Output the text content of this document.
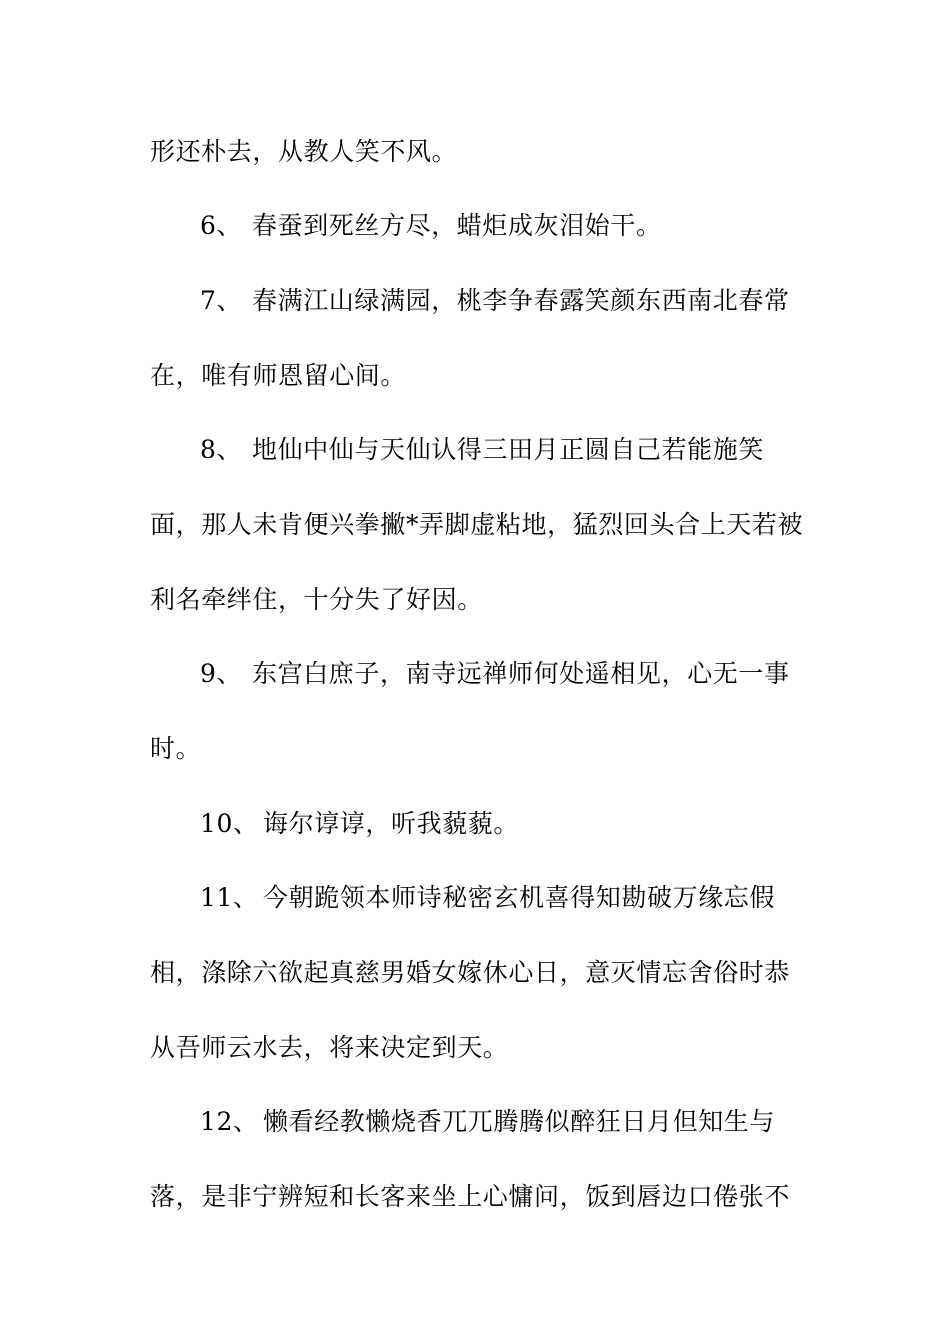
形还朴去，从教人笑不风。
6、 春蚕到死丝方尽，蜡炬成灰泪始干。
7、 春满江山绿满园，桃李争春露笑颜东西南北春常
在，唯有师恩留心间。
8、 地仙中仙与天仙认得三田月正圆自己若能施笑
面，那人未肯便兴拳撇*弄脚虚粘地，猛烈回头合上天若被
利名牵绊住，十分失了好因。
9、 东宫白庶子，南寺远禅师何处遥相见，心无一事
时。
10、 诲尔谆谆，听我藐藐。
11、 今朝跪领本师诗秘密玄机喜得知勘破万缘忘假
相，涤除六欲起真慈男婚女嫁休心日，意灭情忘舍俗时恭
从吾师云水去，将来决定到天。
12、 懒看经教懒烧香兀兀腾腾似醉狂日月但知生与
落，是非宁辨短和长客来坐上心慵问，饭到唇边口倦张不
